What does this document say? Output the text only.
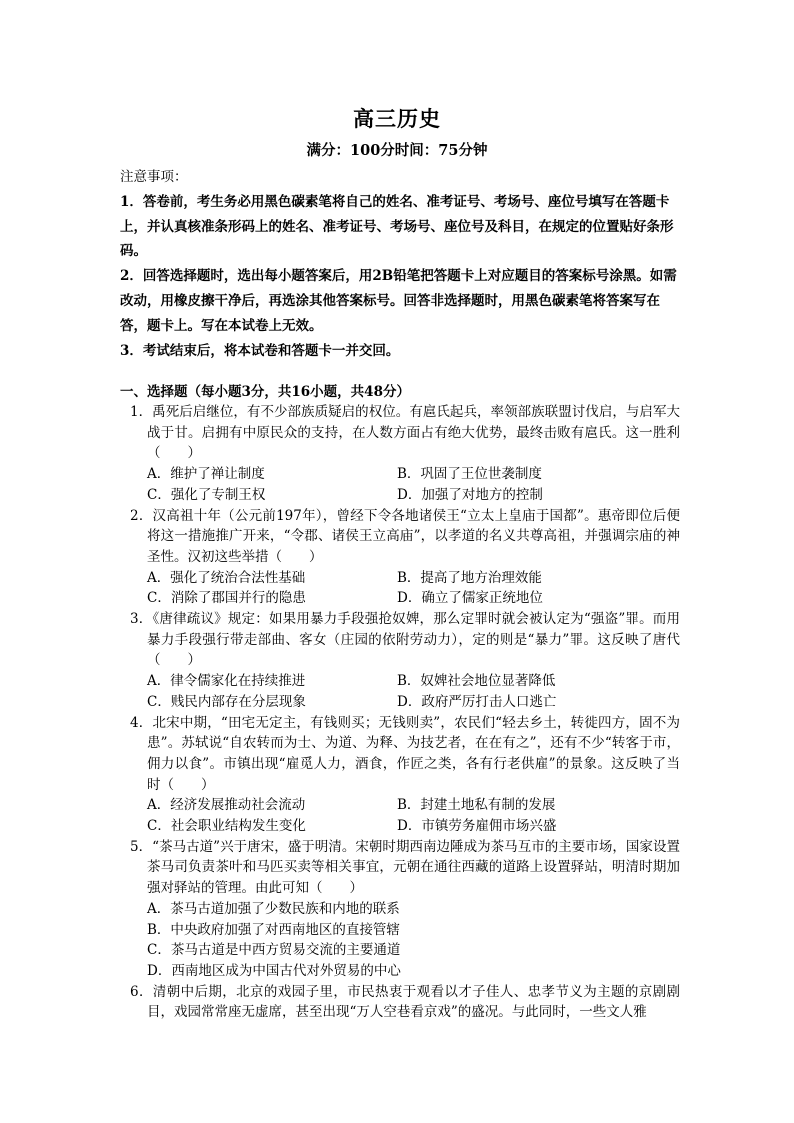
高三历史
满分：100分时间：75分钟

注意事项：

1．答卷前，考生务必用黑色碳素笔将自己的姓名、准考证号、考场号、座位号填写在答题卡上，并认真核准条形码上的姓名、准考证号、考场号、座位号及科目，在规定的位置贴好条形码。

2．回答选择题时，选出每小题答案后，用2B铅笔把答题卡上对应题目的答案标号涂黑。如需改动，用橡皮擦干净后，再选涂其他答案标号。回答非选择题时，用黑色碳素笔将答案写在答，题卡上。写在本试卷上无效。

3．考试结束后，将本试卷和答题卡一并交回。

一、选择题（每小题3分，共16小题，共48分）

1．禹死后启继位，有不少部族质疑启的权位。有扈氏起兵，率领部族联盟讨伐启，与启军大战于甘。启拥有中原民众的支持，在人数方面占有绝大优势，最终击败有扈氏。这一胜利（　　）

A．维护了禅让制度	B．巩固了王位世袭制度
C．强化了专制王权	D．加强了对地方的控制

2．汉高祖十年（公元前197年），曾经下令各地诸侯王“立太上皇庙于国都”。惠帝即位后便将这一措施推广开来，“令郡、诸侯王立高庙”，以孝道的名义共尊高祖，并强调宗庙的神圣性。汉初这些举措（　　）

A．强化了统治合法性基础	B．提高了地方治理效能
C．消除了郡国并行的隐患	D．确立了儒家正统地位

3．《唐律疏议》规定：如果用暴力手段强抢奴婢，那么定罪时就会被认定为“强盗”罪。而用暴力手段强行带走部曲、客女（庄园的依附劳动力），定的则是“暴力”罪。这反映了唐代（　　）

A．律令儒家化在持续推进	B．奴婢社会地位显著降低
C．贱民内部存在分层现象	D．政府严厉打击人口逃亡

4．北宋中期，“田宅无定主，有钱则买；无钱则卖”，农民们“轻去乡土，转徙四方，固不为患”。苏轼说“自农转而为士、为道、为释、为技艺者，在在有之”，还有不少“转客于市，佣力以食”。市镇出现“雇觅人力，酒食，作匠之类，各有行老供雇”的景象。这反映了当时（　　）

A．经济发展推动社会流动	B．封建土地私有制的发展
C．社会职业结构发生变化	D．市镇劳务雇佣市场兴盛

5．“茶马古道”兴于唐宋，盛于明清。宋朝时期西南边陲成为茶马互市的主要市场，国家设置茶马司负责茶叶和马匹买卖等相关事宜，元朝在通往西藏的道路上设置驿站，明清时期加强对驿站的管理。由此可知（　　）

A．茶马古道加强了少数民族和内地的联系
B．中央政府加强了对西南地区的直接管辖
C．茶马古道是中西方贸易交流的主要通道
D．西南地区成为中国古代对外贸易的中心

6．清朝中后期，北京的戏园子里，市民热衷于观看以才子佳人、忠孝节义为主题的京剧剧目，戏园常常座无虚席，甚至出现“万人空巷看京戏”的盛况。与此同时，一些文人雅
